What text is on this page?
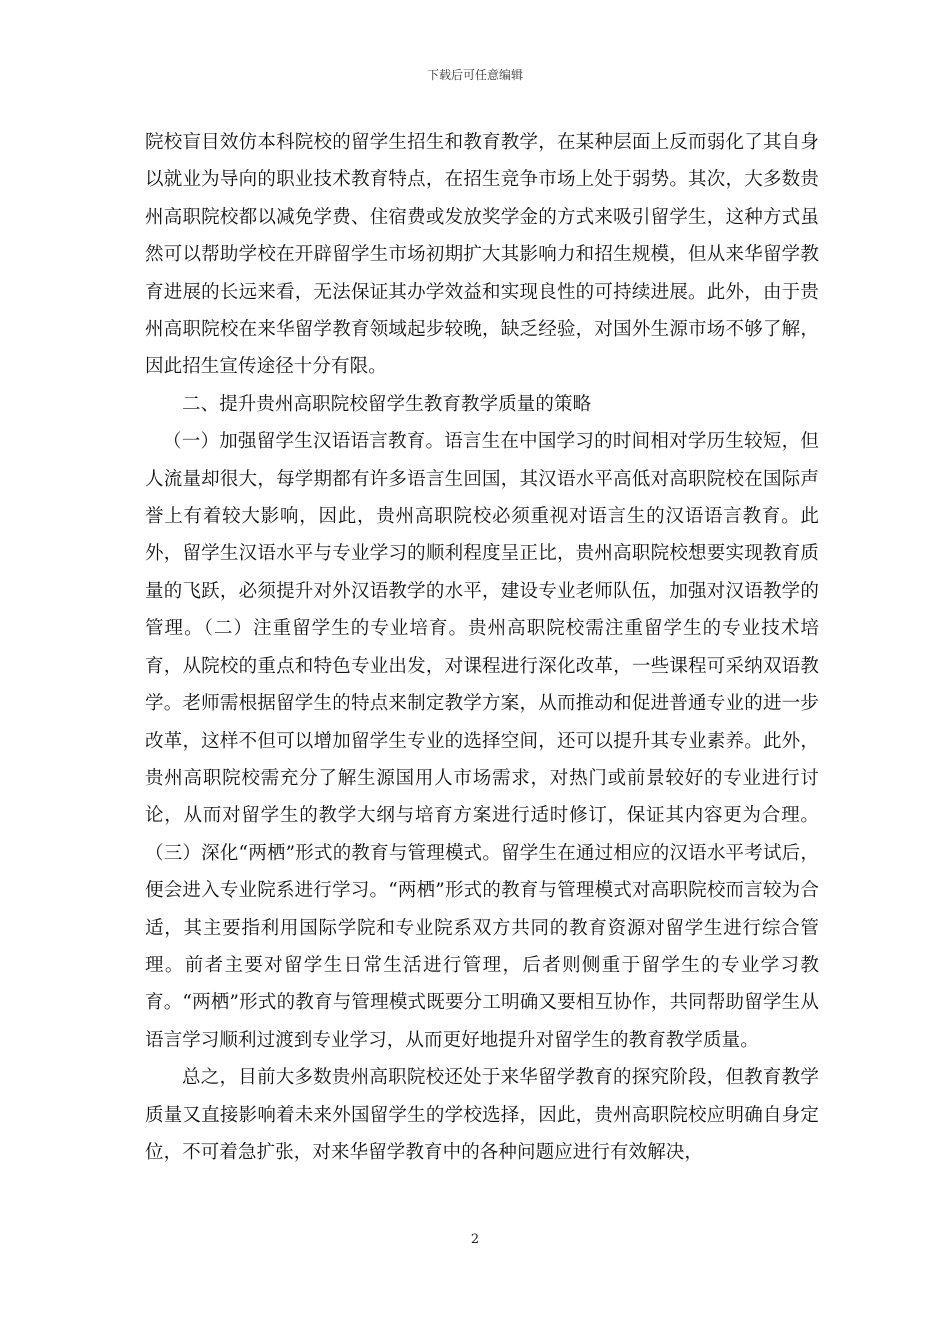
下载后可任意编辑

院校盲目效仿本科院校的留学生招生和教育教学，在某种层面上反而弱化了其自身以就业为导向的职业技术教育特点，在招生竞争市场上处于弱势。其次，大多数贵州高职院校都以减免学费、住宿费或发放奖学金的方式来吸引留学生，这种方式虽然可以帮助学校在开辟留学生市场初期扩大其影响力和招生规模，但从来华留学教育进展的长远来看，无法保证其办学效益和实现良性的可持续进展。此外，由于贵州高职院校在来华留学教育领域起步较晚，缺乏经验，对国外生源市场不够了解，因此招生宣传途径十分有限。

二、提升贵州高职院校留学生教育教学质量的策略

（一）加强留学生汉语语言教育。语言生在中国学习的时间相对学历生较短，但人流量却很大，每学期都有许多语言生回国，其汉语水平高低对高职院校在国际声誉上有着较大影响，因此，贵州高职院校必须重视对语言生的汉语语言教育。此外，留学生汉语水平与专业学习的顺利程度呈正比，贵州高职院校想要实现教育质量的飞跃，必须提升对外汉语教学的水平，建设专业老师队伍，加强对汉语教学的管理。（二）注重留学生的专业培育。贵州高职院校需注重留学生的专业技术培育，从院校的重点和特色专业出发，对课程进行深化改革，一些课程可采纳双语教学。老师需根据留学生的特点来制定教学方案，从而推动和促进普通专业的进一步改革，这样不但可以增加留学生专业的选择空间，还可以提升其专业素养。此外，贵州高职院校需充分了解生源国用人市场需求，对热门或前景较好的专业进行讨论，从而对留学生的教学大纲与培育方案进行适时修订，保证其内容更为合理。（三）深化“两栖”形式的教育与管理模式。留学生在通过相应的汉语水平考试后，便会进入专业院系进行学习。“两栖”形式的教育与管理模式对高职院校而言较为合适，其主要指利用国际学院和专业院系双方共同的教育资源对留学生进行综合管理。前者主要对留学生日常生活进行管理，后者则侧重于留学生的专业学习教育。“两栖”形式的教育与管理模式既要分工明确又要相互协作，共同帮助留学生从语言学习顺利过渡到专业学习，从而更好地提升对留学生的教育教学质量。

总之，目前大多数贵州高职院校还处于来华留学教育的探究阶段，但教育教学质量又直接影响着未来外国留学生的学校选择，因此，贵州高职院校应明确自身定位，不可着急扩张，对来华留学教育中的各种问题应进行有效解决，

2
